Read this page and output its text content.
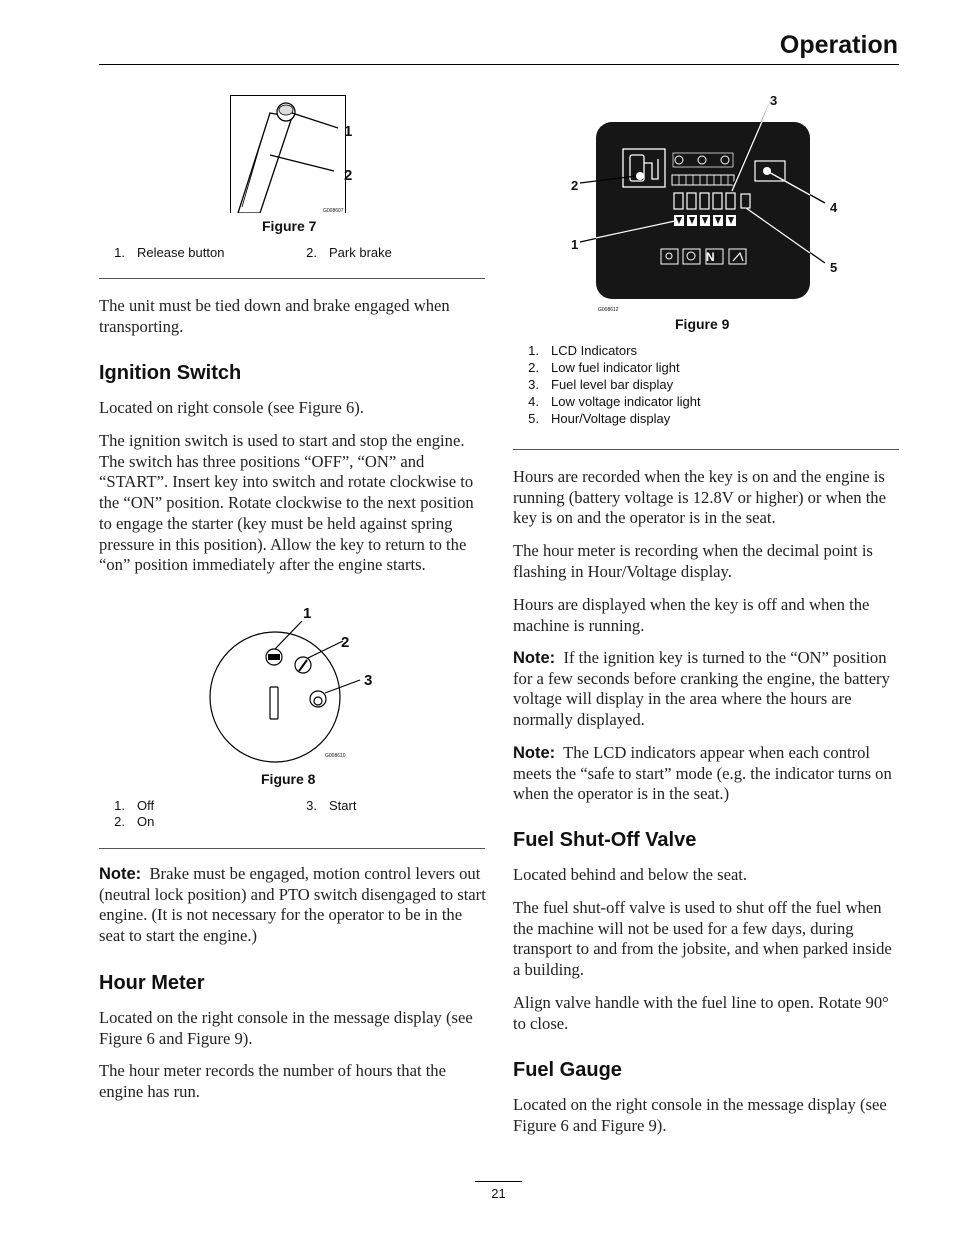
Operation
1
2
G008607
Figure 7
1. Release button	2. Park brake

The unit must be tied down and brake engaged when transporting.

Ignition Switch

Located on right console (see Figure 6).

The ignition switch is used to start and stop the engine. The switch has three positions “OFF”, “ON” and “START”. Insert key into switch and rotate clockwise to the “ON” position. Rotate clockwise to the next position to engage the starter (key must be held against spring pressure in this position). Allow the key to return to the “on” position immediately after the engine starts.

1
2
3
G008610
Figure 8
1. Off
2. On
3. Start

Note: Brake must be engaged, motion control levers out (neutral lock position) and PTO switch disengaged to start engine. (It is not necessary for the operator to be in the seat to start the engine.)

Hour Meter

Located on the right console in the message display (see Figure 6 and Figure 9).

The hour meter records the number of hours that the engine has run.

N
3
2
1
4
5
G008612
Figure 9
1. LCD Indicators
2. Low fuel indicator light
3. Fuel level bar display
4. Low voltage indicator light
5. Hour/Voltage display

Hours are recorded when the key is on and the engine is running (battery voltage is 12.8V or higher) or when the key is on and the operator is in the seat.

The hour meter is recording when the decimal point is flashing in Hour/Voltage display.

Hours are displayed when the key is off and when the machine is running.

Note: If the ignition key is turned to the “ON” position for a few seconds before cranking the engine, the battery voltage will display in the area where the hours are normally displayed.

Note: The LCD indicators appear when each control meets the “safe to start” mode (e.g. the indicator turns on when the operator is in the seat.)

Fuel Shut-Off Valve

Located behind and below the seat.

The fuel shut-off valve is used to shut off the fuel when the machine will not be used for a few days, during transport to and from the jobsite, and when parked inside a building.

Align valve handle with the fuel line to open. Rotate 90° to close.

Fuel Gauge

Located on the right console in the message display (see Figure 6 and Figure 9).

21
